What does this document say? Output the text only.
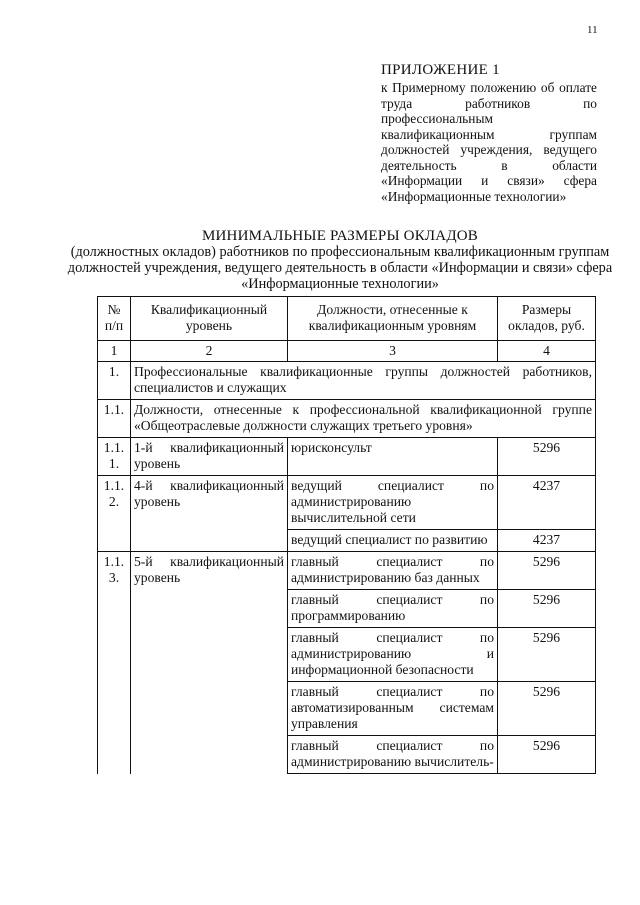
11
ПРИЛОЖЕНИЕ 1
к Примерному положению об оплате труда работников по профессиональным квалификационным группам должностей учреждения, ведущего деятельность в области «Информации и связи» сфера «Информационные технологии»
МИНИМАЛЬНЫЕ РАЗМЕРЫ ОКЛАДОВ
(должностных окладов) работников по профессиональным квалификационным группам должностей учреждения, ведущего деятельность в области «Информации и связи» сфера «Информационные технологии»
№ п/п	Квалификационный уровень	Должности, отнесенные к квалификационным уровням	Размеры окладов, руб.
1	2	3	4
1.	Профессиональные квалификационные группы должностей работников, специалистов и служащих		
1.1.	Должности, отнесенные к профессиональной квалификационной группе «Общеотраслевые должности служащих третьего уровня»		
1.1.1.	1-й квалификационный уровень	юрисконсульт	5296
1.1.2.	4-й квалификационный уровень	ведущий специалист по администрированию вычислительной сети	4237
		ведущий специалист по развитию	4237
1.1.3.	5-й квалификационный уровень	главный специалист по администрированию баз данных	5296
		главный специалист по программированию	5296
		главный специалист по администрированию и информационной безопасности	5296
		главный специалист по автоматизированным системам управления	5296
		главный специалист по администрированию вычислитель-	5296
